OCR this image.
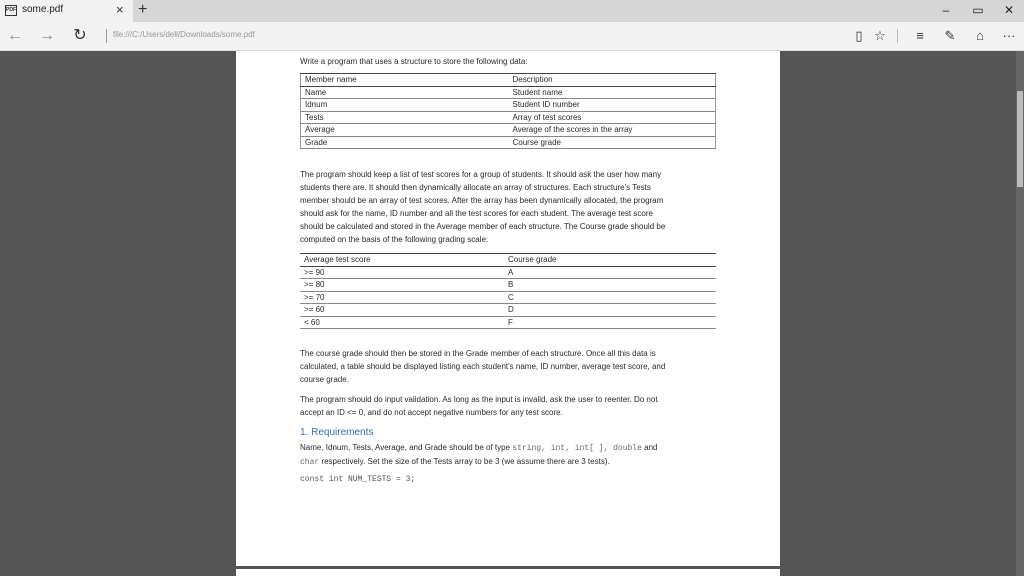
PDF some.pdf	× +	–	▭	✕
← → ↻	file:///C:/Users/dell/Downloads/some.pdf	▯ ☆	≡	✎	⌂	···
Write a program that uses a structure to store the following data:
Member name	Description
Name	Student name
Idnum	Student ID number
Tests	Array of test scores
Average	Average of the scores in the array
Grade	Course grade
The program should keep a list of test scores for a group of students. It should ask the user how many
students there are. It should then dynamically allocate an array of structures. Each structure's Tests
member should be an array of test scores. After the array has been dynamically allocated, the program
should ask for the name, ID number and all the test scores for each student. The average test score
should be calculated and stored in the Average member of each structure. The Course grade should be
computed on the basis of the following grading scale:
Average test score	Course grade
>= 90	A
>= 80	B
>= 70	C
>= 60	D
< 60	F
The course grade should then be stored in the Grade member of each structure. Once all this data is
calculated, a table should be displayed listing each student's name, ID number, average test score, and
course grade.
The program should do input validation. As long as the input is invalid, ask the user to reenter. Do not
accept an ID <= 0, and do not accept negative numbers for any test score.
1. Requirements
Name, Idnum, Tests, Average, and Grade should be of type string, int, int[ ], double and
char respectively. Set the size of the Tests array to be 3 (we assume there are 3 tests).
const int NUM_TESTS = 3;
